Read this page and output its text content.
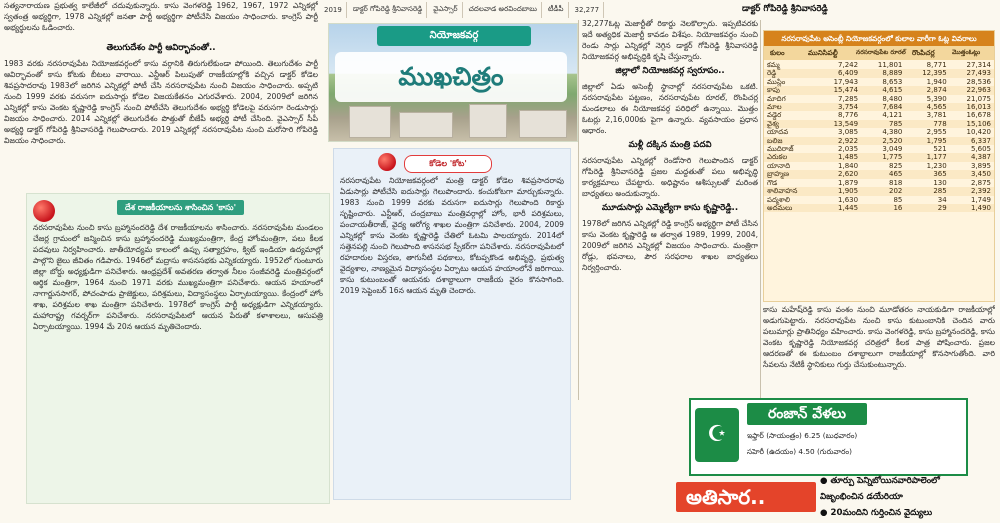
సత్యనారాయణ ప్రభుత్వ కాలేజీలో చదువుకున్నారు. కాసు వెంగళరెడ్డి 1962, 1967, 1972 ఎన్నికల్లో స్వతంత్ర అభ్యర్థిగా, 1978 ఎన్నికల్లో జనతా పార్టీ అభ్యర్థిగా పోటీచేసి విజయం సాధించారు. కాంగ్రెస్ పార్టీ అభ్యర్థులను ఓడించారు.
తెలుగుదేశం పార్టీ ఆవిర్భావంతో..
1983 వరకు నరసరావుపేట నియోజకవర్గంలో కాసు వర్గానికి తిరుగులేకుండా పోయింది. తెలుగుదేశం పార్టీ ఆవిర్భావంతో కాసు కోటకు బీటలు వారాయి. ఎన్టీఆర్ పిలుపుతో రాజకీయాల్లోకి వచ్చిన డాక్టర్ కోడెల శివప్రసాదరావు 1983లో జరిగిన ఎన్నికల్లో పోటీ చేసి నరసరావుపేట నుంచి విజయం సాధించారు. అప్పటి నుంచి 1999 వరకు వరుసగా ఐదుసార్లు కోడెల విజయకేతనం ఎగురవేశారు. 2004, 2009లో జరిగిన ఎన్నికల్లో కాసు వెంకట కృష్ణారెడ్డి కాంగ్రెస్ నుంచి పోటీచేసి తెలుగుదేశం అభ్యర్థి కోడెలపై వరుసగా రెండుసార్లు విజయం సాధించారు. 2014 ఎన్నికల్లో తెలుగుదేశం పొత్తుతో బీజేపీ అభ్యర్థి పోటీ చేసింది. వైఎస్సార్ సీపీ అభ్యర్థి డాక్టర్ గోపిరెడ్డి శ్రీనివాసరెడ్డి గెలుపొందారు. 2019 ఎన్నికల్లో నరసరావుపేట నుంచి మరోసారి గోపిరెడ్డి విజయం సాధించారు.
దేశ రాజకీయాలను శాసించిన 'కాసు'
నరసరావుపేట నుంచి కాసు బ్రహ్మానందరెడ్డి దేశ రాజకీయాలను శాసించారు. నరసరావుపేట మండలం చేజర్ల గ్రామంలో జన్మించిన కాసు బ్రహ్మానందరెడ్డి ముఖ్యమంత్రిగా, కేంద్ర హోంమంత్రిగా, పలు కీలక పదవులు నిర్వహించారు. జాతీయోద్యమ కాలంలో ఉప్పు సత్యాగ్రహం, క్విట్ ఇండియా ఉద్యమాల్లో పాల్గొని జైలు జీవితం గడిపారు. 1946లో మద్రాసు శాసనసభకు ఎన్నికయ్యారు. 1952లో గుంటూరు జిల్లా బోర్డు అధ్యక్షుడిగా పనిచేశారు. ఆంధ్రప్రదేశ్ అవతరణ తర్వాత నీలం సంజీవరెడ్డి మంత్రివర్గంలో ఆర్థిక మంత్రిగా, 1964 నుంచి 1971 వరకు ముఖ్యమంత్రిగా పనిచేశారు. ఆయన హయాంలో నాగార్జునసాగర్, పోచంపాడు ప్రాజెక్టులు, పరిశ్రమలు, విద్యాసంస్థలు ఏర్పాటయ్యాయి. కేంద్రంలో హోం శాఖ, పరిశ్రమల శాఖ మంత్రిగా పనిచేశారు. 1978లో కాంగ్రెస్ పార్టీ అధ్యక్షుడిగా ఎన్నికయ్యారు. మహారాష్ట్ర గవర్నర్‌గా పనిచేశారు. నరసరావుపేటలో ఆయన పేరుతో కళాశాలలు, ఆసుపత్రి ఏర్పాటయ్యాయి. 1994 మే 20న ఆయన మృతిచెందారు.
2019	డాక్టర్ గోపిరెడ్డి శ్రీనివాసరెడ్డి	వైఎస్సార్	చదలవాడ అరవిందబాబు	టీడీపీ	32,277
నియోజకవర్గ
ముఖచిత్రం
నరసరావుపేట నియోజకవర్గంలో మంత్రి డాక్టర్ కోడెల శివప్రసాదరావు ఏడుసార్లు పోటీచేసి ఐదుసార్లు గెలుపొందారు. కంచుకోటగా మార్చుకున్నారు. 1983 నుంచి 1999 వరకు వరుసగా ఐదుసార్లు గెలుపొంది రికార్డు సృష్టించారు. ఎన్టీఆర్, చంద్రబాబు మంత్రివర్గాల్లో హోం, భారీ పరిశ్రమలు, పంచాయతీరాజ్, వైద్య ఆరోగ్య శాఖల మంత్రిగా పనిచేశారు. 2004, 2009 ఎన్నికల్లో కాసు వెంకట కృష్ణారెడ్డి చేతిలో ఓటమి పాలయ్యారు. 2014లో సత్తెనపల్లి నుంచి గెలుపొంది శాసనసభ స్పీకర్‌గా పనిచేశారు. నరసరావుపేటలో రహదారుల విస్తరణ, తాగునీటి పథకాలు, కోటప్పకొండ అభివృద్ధి, ప్రభుత్వ వైద్యశాల, నాణ్యమైన విద్యాసంస్థల ఏర్పాటు ఆయన హయాంలోనే జరిగాయి. కాసు కుటుంబంతో ఆయనకు దశాబ్దాలుగా రాజకీయ వైరం కొనసాగింది. 2019 సెప్టెంబర్ 16న ఆయన మృతి చెందారు.
కోడెల 'కోట'
డాక్టర్ గోపిరెడ్డి శ్రీనివాసరెడ్డి
32,277ఓట్ల మెజార్టీతో రికార్డు నెలకొల్పారు. ఇప్పటివరకు ఇదే అత్యధిక మెజార్టీ కావడం విశేషం. నియోజకవర్గం నుంచి రెండు సార్లు ఎన్నికల్లో నెగ్గిన డాక్టర్ గోపిరెడ్డి శ్రీనివాసరెడ్డి నియోజకవర్గ అభివృద్ధికి కృషి చేస్తున్నారు.
జిల్లాలో నియోజకవర్గ స్వరూపం..
జిల్లాలో ఏడు అసెంబ్లీ స్థానాల్లో నరసరావుపేట ఒకటి. నరసరావుపేట పట్టణం, నరసరావుపేట రూరల్, రొంపిచర్ల మండలాలు ఈ నియోజకవర్గ పరిధిలో ఉన్నాయి. మొత్తం ఓటర్లు 2,16,000కు పైగా ఉన్నారు. వ్యవసాయం ప్రధాన ఆధారం.
మళ్లీ దక్కిన మంత్రి పదవి
నరసరావుపేట ఎన్నికల్లో రెండోసారి గెలుపొందిన డాక్టర్ గోపిరెడ్డి శ్రీనివాసరెడ్డి ప్రజల మద్దతుతో పలు అభివృద్ధి కార్యక్రమాలు చేపట్టారు. అధిష్టానం ఆశీస్సులతో మరింత బాధ్యతలు అందుకున్నారు.
మూడుసార్లు ఎమ్మెల్యేగా కాసు కృష్ణారెడ్డి..
1978లో జరిగిన ఎన్నికల్లో రెడ్డి కాంగ్రెస్ అభ్యర్థిగా పోటీ చేసిన కాసు వెంకట కృష్ణారెడ్డి ఆ తర్వాత 1989, 1999, 2004, 2009లో జరిగిన ఎన్నికల్లో విజయం సాధించారు. మంత్రిగా రోడ్లు, భవనాలు, పౌర సరఫరాల శాఖల బాధ్యతలు నిర్వర్తించారు.
నరసరావుపేట అసెంబ్లీ నియోజకవర్గంలో కులాల వారీగా ఓట్ల వివరాలు
కులం	మునిసిపల్టీ	నరసరావుపేట రూరల్ రొంపిచర్ల	మొత్తంఓట్లు
కమ్మ	7,242	11,801	8,771	27,314
రెడ్డి	6,409	8,889	12,395	27,493
ముస్లిం	17,943	8,653	1,940	28,536
కాపు	15,474	4,615	2,874	22,963
మాదిగ	7,285	8,480	5,390	21,075
మాల	3,754	7,684	4,565	16,013
వడ్డెర	8,776	4,121	3,781	16,678
వైశ్య	13,549	785	778	15,106
యాదవ	3,085	4,380	2,955	10,420
బలిజ	2,922	2,520	1,795	6,337
ముదిరాజ్	2,035	3,049	521	5,605
ఎరుకల	1,485	1,775	1,177	4,387
యానాది	1,840	825	1,230	3,895
బ్రాహ్మణ	2,620	465	365	3,450
గౌడ	1,879	818	130	2,875
శాలివాహన	1,905	202	285	2,392
పద్మశాలి	1,630	85	34	1,749
అదమలు	1,445	16	29	1,490
కాసు మహేష్‌రెడ్డి కాసు వంశం నుంచి మూడోతరం నాయకుడిగా రాజకీయాల్లో అడుగుపెట్టారు. నరసరావుపేట నుంచి కాసు కుటుంబానికి చెందిన వారు పలుమార్లు ప్రాతినిధ్యం వహించారు. కాసు వెంగళరెడ్డి, కాసు బ్రహ్మానందరెడ్డి, కాసు వెంకట కృష్ణారెడ్డి నియోజకవర్గ చరిత్రలో కీలక పాత్ర పోషించారు. ప్రజల ఆదరణతో ఈ కుటుంబం దశాబ్దాలుగా రాజకీయాల్లో కొనసాగుతోంది. వారి సేవలను నేటికీ స్థానికులు గుర్తు చేసుకుంటున్నారు.
☪
రంజాన్ వేళలు
ఇఫ్తార్ (సాయంత్రం) 6.25 (బుధవారం)
సహెరీ (ఉదయం) 4.50 (గురువారం)
అతిసార..
● తూర్పు పెన్నిబోయినవారిపాలెంలో
విజృంభించిన డయేరియా
● 20మందిని గుర్తించిన వైద్యులు
